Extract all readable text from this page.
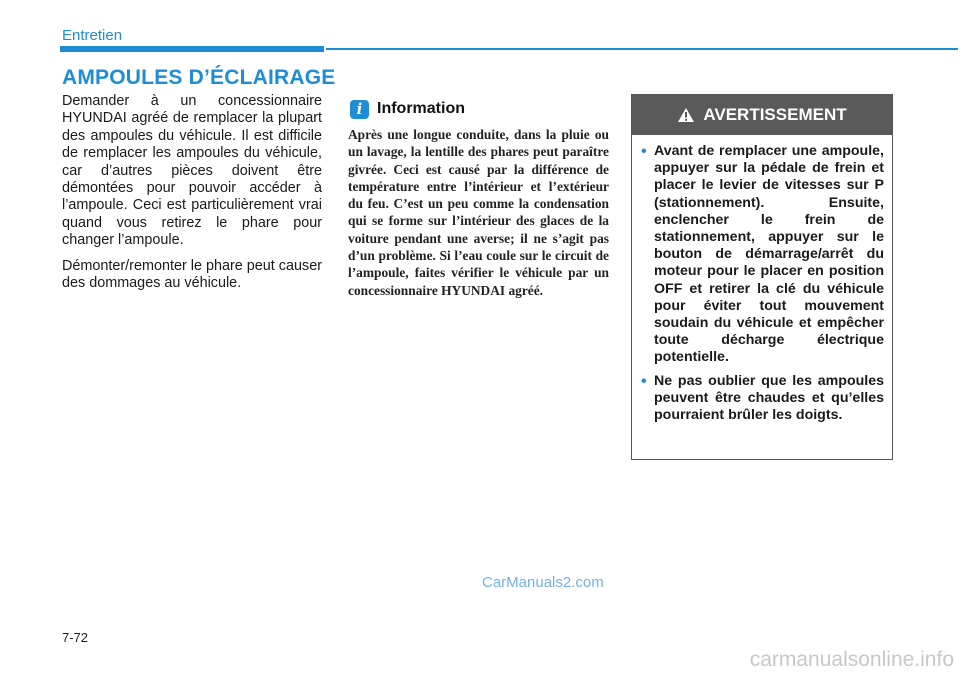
Entretien
AMPOULES D’ÉCLAIRAGE

Demander à un concessionnaire HYUNDAI agréé de remplacer la plupart des ampoules du véhicule. Il est difficile de remplacer les ampoules du véhicule, car d’autres pièces doivent être démontées pour pouvoir accéder à l’ampoule. Ceci est particulièrement vrai quand vous retirez le phare pour changer l’ampoule.

Démonter/remonter le phare peut causer des dommages au véhicule.

i Information
Après une longue conduite, dans la pluie ou un lavage, la lentille des phares peut paraître givrée. Ceci est causé par la différence de température entre l’intérieur et l’extérieur du feu. C’est un peu comme la condensation qui se forme sur l’intérieur des glaces de la voiture pendant une averse; il ne s’agit pas d’un problème. Si l’eau coule sur le circuit de l’ampoule, faites vérifier le véhicule par un concessionnaire HYUNDAI agréé.
AVERTISSEMENT
• Avant de remplacer une ampoule, appuyer sur la pédale de frein et placer le levier de vitesses sur P (stationnement). Ensuite, enclencher le frein de stationnement, appuyer sur le bouton de démarrage/arrêt du moteur pour le placer en position OFF et retirer la clé du véhicule pour éviter tout mouvement soudain du véhicule et empêcher toute décharge électrique potentielle.
• Ne pas oublier que les ampoules peuvent être chaudes et qu’elles pourraient brûler les doigts.
CarManuals2.com
7-72
carmanualsonline.info
